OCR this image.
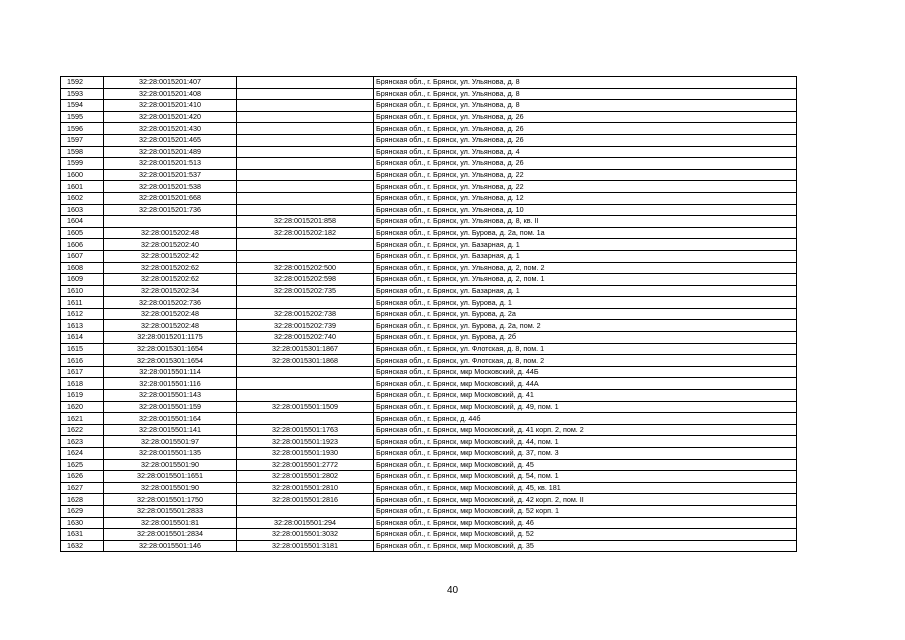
1592	32:28:0015201:407		Брянская обл., г. Брянск, ул. Ульянова, д. 8
1593	32:28:0015201:408		Брянская обл., г. Брянск, ул. Ульянова, д. 8
1594	32:28:0015201:410		Брянская обл., г. Брянск, ул. Ульянова, д. 8
1595	32:28:0015201:420		Брянская обл., г. Брянск, ул. Ульянова, д. 26
1596	32:28:0015201:430		Брянская обл., г. Брянск, ул. Ульянова, д. 26
1597	32:28:0015201:465		Брянская обл., г. Брянск, ул. Ульянова, д. 26
1598	32:28:0015201:489		Брянская обл., г. Брянск, ул. Ульянова, д. 4
1599	32:28:0015201:513		Брянская обл., г. Брянск, ул. Ульянова, д. 26
1600	32:28:0015201:537		Брянская обл., г. Брянск, ул. Ульянова, д. 22
1601	32:28:0015201:538		Брянская обл., г. Брянск, ул. Ульянова, д. 22
1602	32:28:0015201:668		Брянская обл., г. Брянск, ул. Ульянова, д. 12
1603	32:28:0015201:736		Брянская обл., г. Брянск, ул. Ульянова, д. 10
1604		32:28:0015201:858	Брянская обл., г. Брянск, ул. Ульянова, д. 8, кв. II
1605	32:28:0015202:48	32:28:0015202:182	Брянская обл., г. Брянск, ул. Бурова, д. 2а, пом. 1а
1606	32:28:0015202:40		Брянская обл., г. Брянск, ул. Базарная, д. 1
1607	32:28:0015202:42		Брянская обл., г. Брянск, ул. Базарная, д. 1
1608	32:28:0015202:62	32:28:0015202:500	Брянская обл., г. Брянск, ул. Ульянова, д. 2, пом. 2
1609	32:28:0015202:62	32:28:0015202:598	Брянская обл., г. Брянск, ул. Ульянова, д. 2, пом. 1
1610	32:28:0015202:34	32:28:0015202:735	Брянская обл., г. Брянск, ул. Базарная, д. 1
1611	32:28:0015202:736		Брянская обл., г. Брянск, ул. Бурова, д. 1
1612	32:28:0015202:48	32:28:0015202:738	Брянская обл., г. Брянск, ул. Бурова, д. 2а
1613	32:28:0015202:48	32:28:0015202:739	Брянская обл., г. Брянск, ул. Бурова, д. 2а, пом. 2
1614	32:28:0015201:1175	32:28:0015202:740	Брянская обл., г. Брянск, ул. Бурова, д. 2б
1615	32:28:0015301:1654	32:28:0015301:1867	Брянская обл., г. Брянск, ул. Флотская, д. 8, пом. 1
1616	32:28:0015301:1654	32:28:0015301:1868	Брянская обл., г. Брянск, ул. Флотская, д. 8, пом. 2
1617	32:28:0015501:114		Брянская обл., г. Брянск, мкр Московский, д. 44Б
1618	32:28:0015501:116		Брянская обл., г. Брянск, мкр Московский, д. 44А
1619	32:28:0015501:143		Брянская обл., г. Брянск, мкр Московский, д. 41
1620	32:28:0015501:159	32:28:0015501:1509	Брянская обл., г. Брянск, мкр Московский, д. 49, пом. 1
1621	32:28:0015501:164		Брянская обл., г. Брянск, д. 44б
1622	32:28:0015501:141	32:28:0015501:1763	Брянская обл., г. Брянск, мкр Московский, д. 41 корп. 2, пом. 2
1623	32:28:0015501:97	32:28:0015501:1923	Брянская обл., г. Брянск, мкр Московский, д. 44, пом. 1
1624	32:28:0015501:135	32:28:0015501:1930	Брянская обл., г. Брянск, мкр Московский, д. 37, пом. 3
1625	32:28:0015501:90	32:28:0015501:2772	Брянская обл., г. Брянск, мкр Московский, д. 45
1626	32:28:0015501:1651	32:28:0015501:2802	Брянская обл., г. Брянск, мкр Московский, д. 54, пом. 1
1627	32:28:0015501:90	32:28:0015501:2810	Брянская обл., г. Брянск, мкр Московский, д. 45, кв. 181
1628	32:28:0015501:1750	32:28:0015501:2816	Брянская обл., г. Брянск, мкр Московский, д. 42 корп. 2, пом. II
1629	32:28:0015501:2833		Брянская обл., г. Брянск, мкр Московский, д. 52 корп. 1
1630	32:28:0015501:81	32:28:0015501:294	Брянская обл., г. Брянск, мкр Московский, д. 46
1631	32:28:0015501:2834	32:28:0015501:3032	Брянская обл., г. Брянск, мкр Московский, д. 52
1632	32:28:0015501:146	32:28:0015501:3181	Брянская обл., г. Брянск, мкр Московский, д. 35
40
